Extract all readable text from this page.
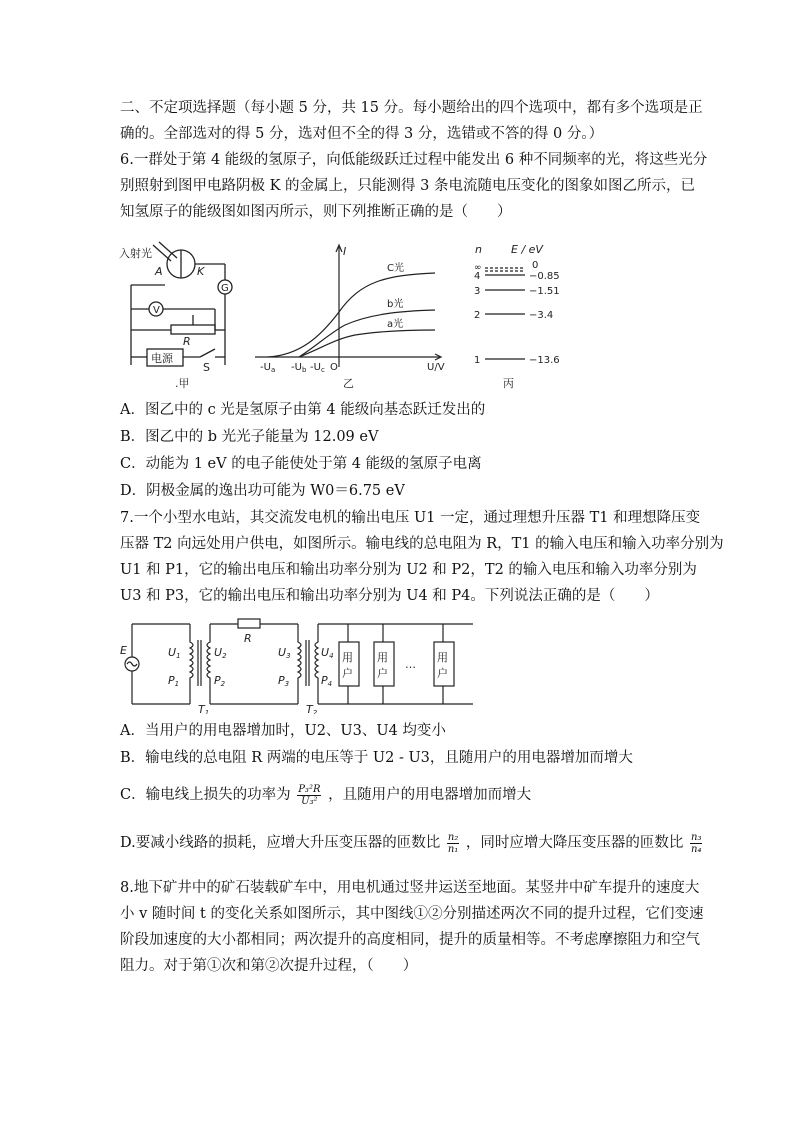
二、不定项选择题（每小题 5 分，共 15 分。每小题给出的四个选项中，都有多个选项是正
确的。全部选对的得 5 分，选对但不全的得 3 分，选错或不答的得 0 分。）
6.一群处于第 4 能级的氢原子，向低能级跃迁过程中能发出 6 种不同频率的光，将这些光分
别照射到图甲电路阴极 K 的金属上，只能测得 3 条电流随电压变化的图象如图乙所示，已
知氢原子的能级图如图丙所示，则下列推断正确的是（　　）
入射光
A	K
G
V
R
电源
S
.甲
I
C光
b光
a光
O	U/V
$-U_a$ $-U_b$ $-U_c$
乙
n	E / eV
∞	0
4	−0.85
3	−1.51
2	−3.4
1	−13.6
丙
A．图乙中的 c 光是氢原子由第 4 能级向基态跃迁发出的
B．图乙中的 b 光光子能量为 12.09 eV
C．动能为 1 eV 的电子能使处于第 4 能级的氢原子电离
D．阴极金属的逸出功可能为 W0＝6.75 eV
7.一个小型水电站，其交流发电机的输出电压 U1 一定，通过理想升压器 T1 和理想降压变
压器 T2 向远处用户供电，如图所示。输电线的总电阻为 R，T1 的输入电压和输入功率分别为
U1 和 P1，它的输出电压和输出功率分别为 U2 和 P2，T2 的输入电压和输入功率分别为
U3 和 P3，它的输出电压和输出功率分别为 U4 和 P4。下列说法正确的是（　　）
E
R
U1
P1
U2
P2
U3
P3
U4
P4
T1	T2
用
户
用
户
…
用
户
A．当用户的用电器增加时，U2、U3、U4 均变小
B．输电线的总电阻 R 两端的电压等于 U2 - U3，且随用户的用电器增加而增大
C．输电线上损失的功率为 $\frac{\text{P₃²R}}{\text{U₃²}}$ ，且随用户的用电器增加而增大
D.要减小线路的损耗，应增大升压变压器的匝数比 $\frac{\text{n₂}}{\text{n₁}}$ ，同时应增大降压变压器的匝数比 $\frac{\text{n₃}}{\text{n₄}}$
8.地下矿井中的矿石装载矿车中，用电机通过竖井运送至地面。某竖井中矿车提升的速度大
小 v 随时间 t 的变化关系如图所示，其中图线①②分别描述两次不同的提升过程，它们变速
阶段加速度的大小都相同；两次提升的高度相同，提升的质量相等。不考虑摩擦阻力和空气
阻力。对于第①次和第②次提升过程，（　　）
